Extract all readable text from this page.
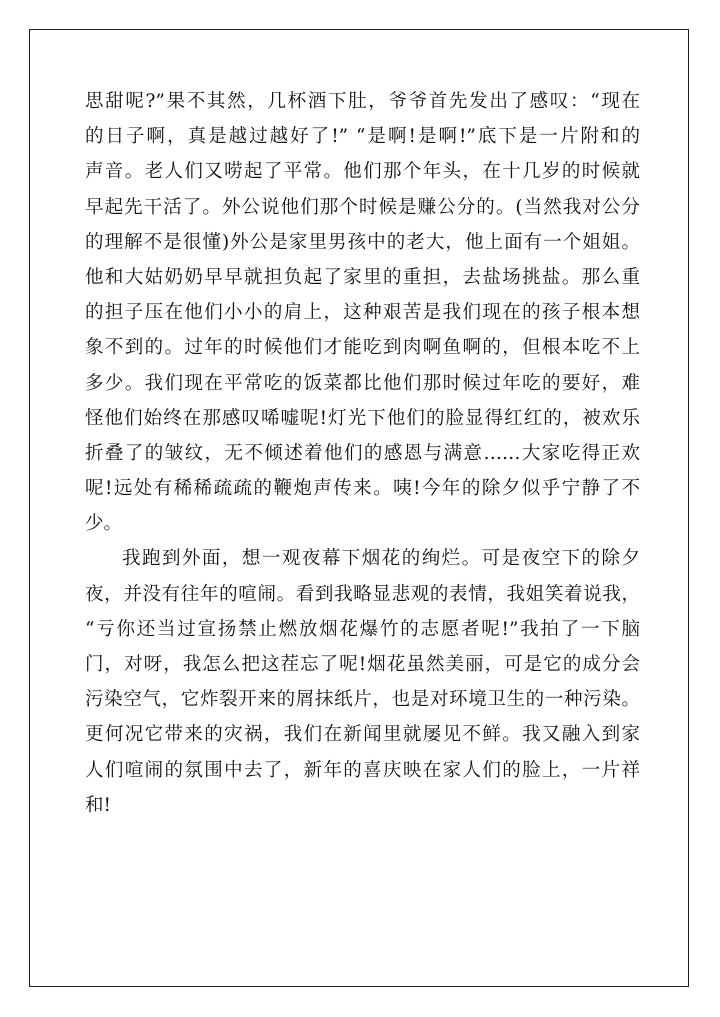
思甜呢?”果不其然，几杯酒下肚，爷爷首先发出了感叹：“现在
的日子啊，真是越过越好了!” “是啊!是啊!”底下是一片附和的
声音。老人们又唠起了平常。他们那个年头，在十几岁的时候就
早起先干活了。外公说他们那个时候是赚公分的。(当然我对公分
的理解不是很懂)外公是家里男孩中的老大，他上面有一个姐姐。
他和大姑奶奶早早就担负起了家里的重担，去盐场挑盐。那么重
的担子压在他们小小的肩上，这种艰苦是我们现在的孩子根本想
象不到的。过年的时候他们才能吃到肉啊鱼啊的，但根本吃不上
多少。我们现在平常吃的饭菜都比他们那时候过年吃的要好，难
怪他们始终在那感叹唏嘘呢!灯光下他们的脸显得红红的，被欢乐
折叠了的皱纹，无不倾述着他们的感恩与满意……大家吃得正欢
呢!远处有稀稀疏疏的鞭炮声传来。咦!今年的除夕似乎宁静了不
少。
我跑到外面，想一观夜幕下烟花的绚烂。可是夜空下的除夕
夜，并没有往年的喧闹。看到我略显悲观的表情，我姐笑着说我，
“亏你还当过宣扬禁止燃放烟花爆竹的志愿者呢!”我拍了一下脑
门，对呀，我怎么把这茬忘了呢!烟花虽然美丽，可是它的成分会
污染空气，它炸裂开来的屑抹纸片，也是对环境卫生的一种污染。
更何况它带来的灾祸，我们在新闻里就屡见不鲜。我又融入到家
人们喧闹的氛围中去了，新年的喜庆映在家人们的脸上，一片祥
和!
